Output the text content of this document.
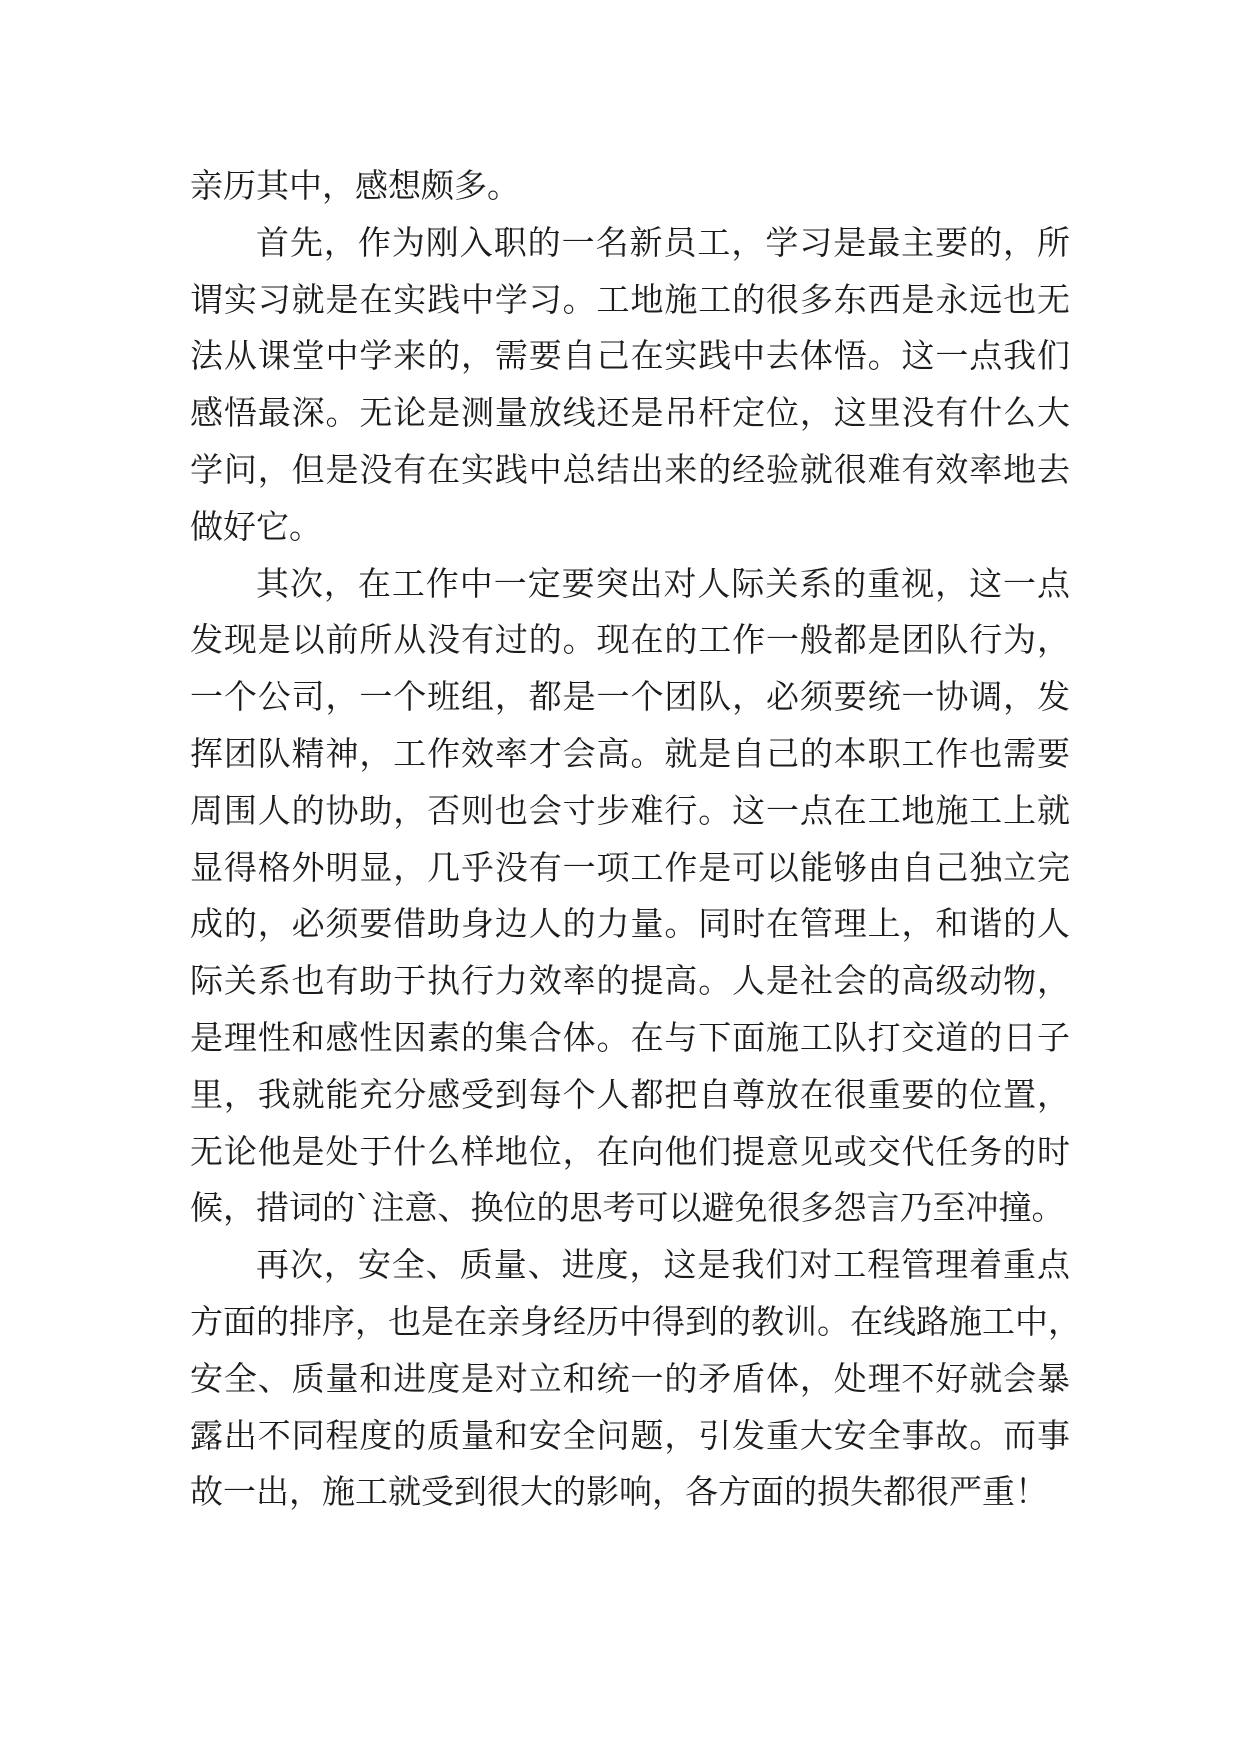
亲历其中，感想颇多。
首先，作为刚入职的一名新员工，学习是最主要的，所
谓实习就是在实践中学习。工地施工的很多东西是永远也无
法从课堂中学来的，需要自己在实践中去体悟。这一点我们
感悟最深。无论是测量放线还是吊杆定位，这里没有什么大
学问，但是没有在实践中总结出来的经验就很难有效率地去
做好它。
其次，在工作中一定要突出对人际关系的重视，这一点
发现是以前所从没有过的。现在的工作一般都是团队行为，
一个公司，一个班组，都是一个团队，必须要统一协调，发
挥团队精神，工作效率才会高。就是自己的本职工作也需要
周围人的协助，否则也会寸步难行。这一点在工地施工上就
显得格外明显，几乎没有一项工作是可以能够由自己独立完
成的，必须要借助身边人的力量。同时在管理上，和谐的人
际关系也有助于执行力效率的提高。人是社会的高级动物，
是理性和感性因素的集合体。在与下面施工队打交道的日子
里，我就能充分感受到每个人都把自尊放在很重要的位置，
无论他是处于什么样地位，在向他们提意见或交代任务的时
候，措词的`注意、换位的思考可以避免很多怨言乃至冲撞。
再次，安全、质量、进度，这是我们对工程管理着重点
方面的排序，也是在亲身经历中得到的教训。在线路施工中，
安全、质量和进度是对立和统一的矛盾体，处理不好就会暴
露出不同程度的质量和安全问题，引发重大安全事故。而事
故一出，施工就受到很大的影响，各方面的损失都很严重！
